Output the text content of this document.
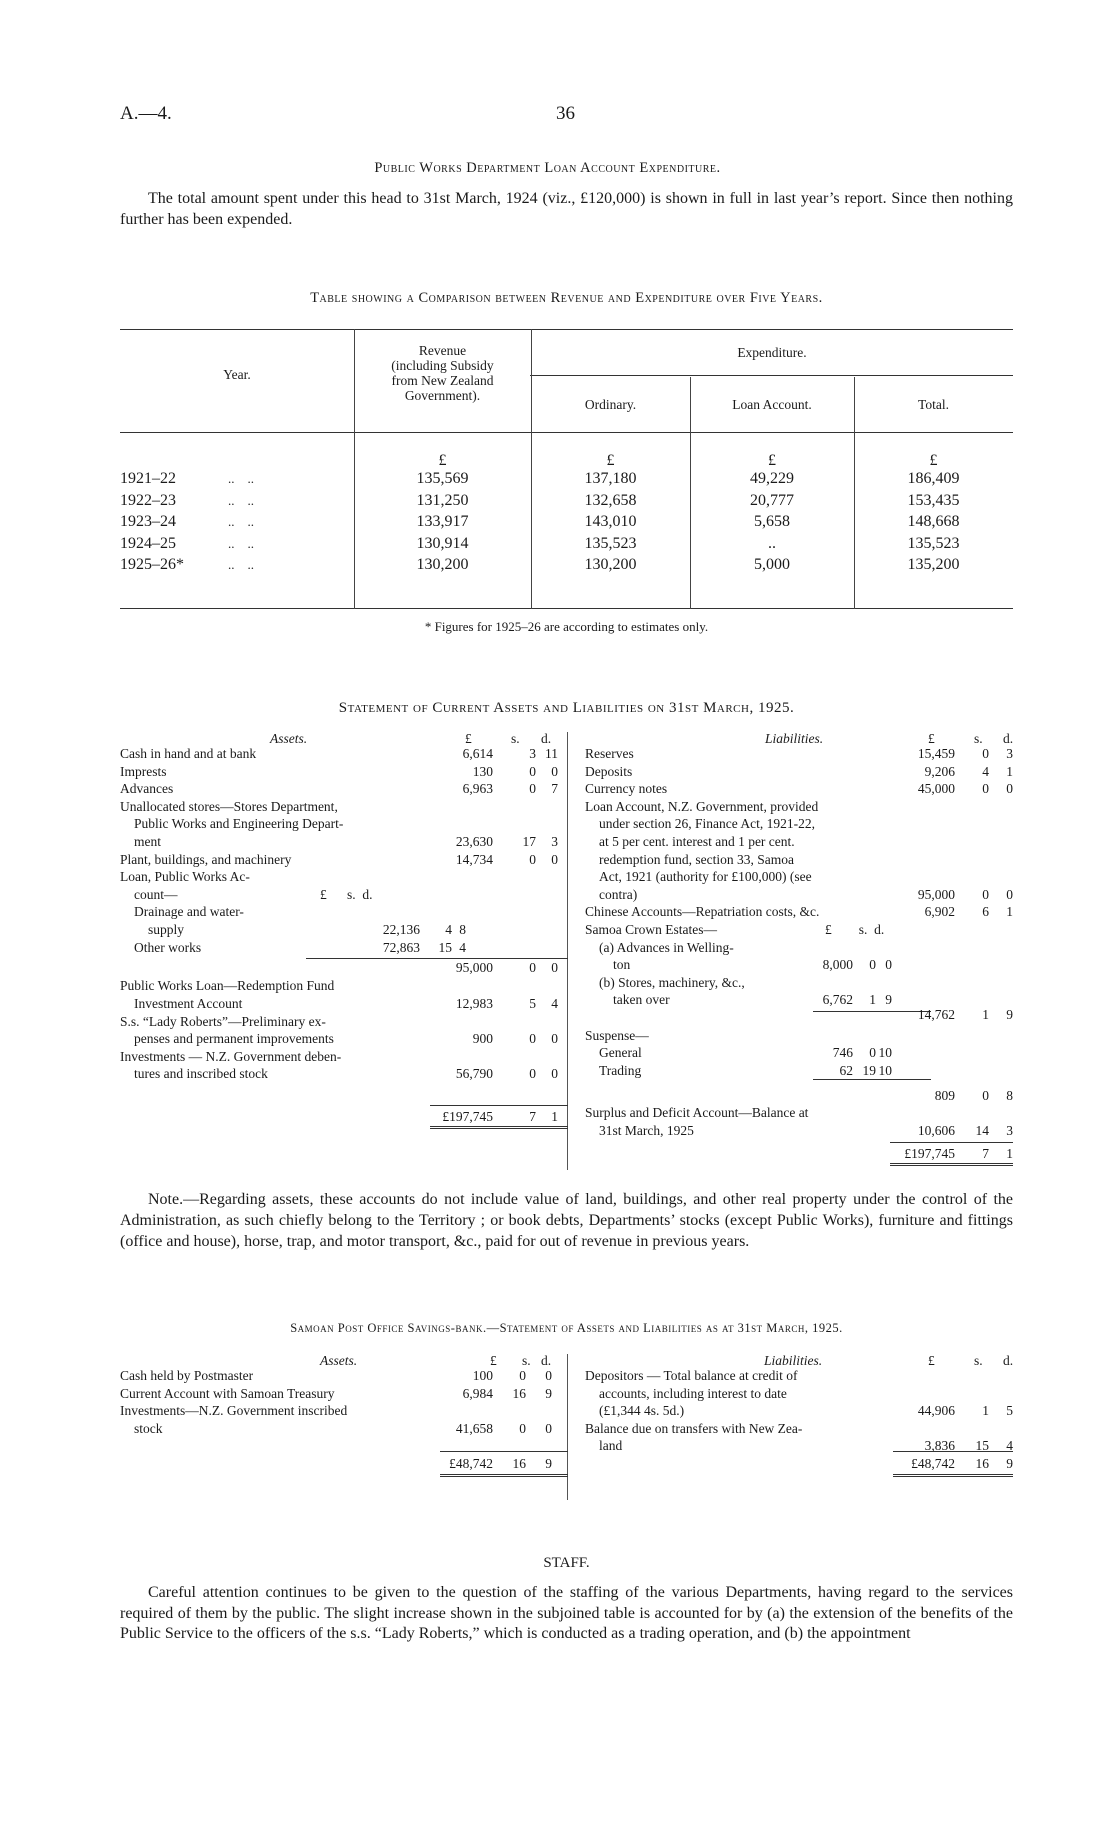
A.—4.	36
Public Works Department Loan Account Expenditure.

The total amount spent under this head to 31st March, 1924 (viz., £120,000) is shown in full in last year’s report. Since then nothing further has been expended.

Table showing a Comparison between Revenue and Expenditure over Five Years.
Year.
Revenue
(including Subsidy
from New Zealand
Government).
Expenditure.
Ordinary.	Loan Account.	Total.
£	£	£	£
1921–22	..    ..	135,569	137,180	49,229	186,409
1922–23	..    ..	131,250	132,658	20,777	153,435
1923–24	..    ..	133,917	143,010	5,658	148,668
1924–25	..    ..	130,914	135,523	..	135,523
1925–26*	..    ..	130,200	130,200	5,000	135,200
* Figures for 1925–26 are according to estimates only.
Statement of Current Assets and Liabilities on 31st March, 1925.
Assets.	£	s. d.	Liabilities.	£	s. d.
Cash in hand and at bank	6,614	3 11
Imprests	130	0 0
Advances	6,963	0 7
Unallocated stores—Stores Department,
Public Works and Engineering Depart-
ment	23,630 17 3
Plant, buildings, and machinery	14,734	0 0
Loan, Public Works Ac-
count—	£      s.  d.
Drainage and water-
supply	22,136 4 8
Other works	72,863 15 4
95,000	0 0
Public Works Loan—Redemption Fund
Investment Account	12,983	5 4
S.s. “Lady Roberts”—Preliminary ex-
penses and permanent improvements	900	0 0
Investments — N.Z. Government deben-
tures and inscribed stock	56,790	0 0
£197,745	7 1
Reserves	15,459 0 3
Deposits	9,206 4 1
Currency notes	45,000 0 0
Loan Account, N.Z. Government, provided
under section 26, Finance Act, 1921-22,
at 5 per cent. interest and 1 per cent.
redemption fund, section 33, Samoa
Act, 1921 (authority for £100,000) (see
contra)	95,000 0 0
Chinese Accounts—Repatriation costs, &c.	6,902 6 1
Samoa Crown Estates—	£        s.  d.
(a) Advances in Welling-
ton	8,000 0 0
(b) Stores, machinery, &c.,
taken over	6,762 1 9
14,762 1 9
Suspense—
General	746 0 10
Trading	62 19 10
809 0 8
Surplus and Deficit Account—Balance at
31st March, 1925	10,606 14 3
£197,745 7 1

Note.—Regarding assets, these accounts do not include value of land, buildings, and other real property under the control of the Administration, as such chiefly belong to the Territory ; or book debts, Departments’ stocks (except Public Works), furniture and fittings (office and house), horse, trap, and motor transport, &c., paid for out of revenue in previous years.

Samoan Post Office Savings-bank.—Statement of Assets and Liabilities as at 31st March, 1925.
Assets.	£ s. d.	Liabilities.	£	s. d.
Cash held by Postmaster	100 0 0
Current Account with Samoan Treasury	6,984 16 9
Investments—N.Z. Government inscribed
stock	41,658 0 0
£48,742 16 9
Depositors — Total balance at credit of
accounts, including interest to date
(£1,344 4s. 5d.)	44,906 1 5
Balance due on transfers with New Zea-
land	3,836 15 4
£48,742 16 9
STAFF.

Careful attention continues to be given to the question of the staffing of the various Departments, having regard to the services required of them by the public. The slight increase shown in the subjoined table is accounted for by (a) the extension of the benefits of the Public Service to the officers of the s.s. “Lady Roberts,” which is conducted as a trading operation, and (b) the appointment
